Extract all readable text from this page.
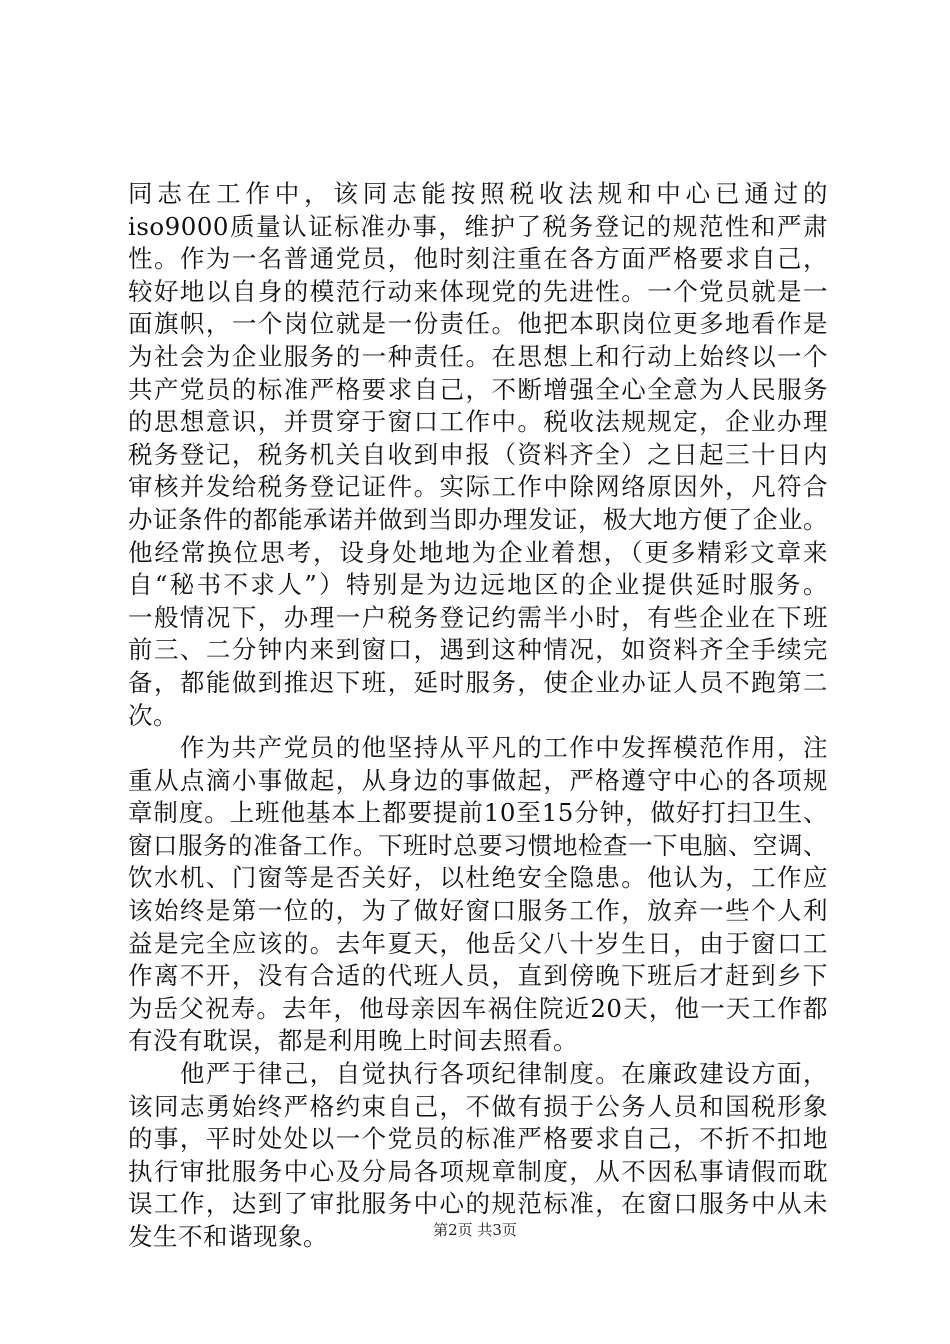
同志在工作中，该同志能按照税收法规和中心已通过的
iso9000质量认证标准办事，维护了税务登记的规范性和严肃
性。作为一名普通党员，他时刻注重在各方面严格要求自己，
较好地以自身的模范行动来体现党的先进性。一个党员就是一
面旗帜，一个岗位就是一份责任。他把本职岗位更多地看作是
为社会为企业服务的一种责任。在思想上和行动上始终以一个
共产党员的标准严格要求自己，不断增强全心全意为人民服务
的思想意识，并贯穿于窗口工作中。税收法规规定，企业办理
税务登记，税务机关自收到申报（资料齐全）之日起三十日内
审核并发给税务登记证件。实际工作中除网络原因外，凡符合
办证条件的都能承诺并做到当即办理发证，极大地方便了企业。
他经常换位思考，设身处地地为企业着想，（更多精彩文章来
自“秘书不求人”）特别是为边远地区的企业提供延时服务。
一般情况下，办理一户税务登记约需半小时，有些企业在下班
前三、二分钟内来到窗口，遇到这种情况，如资料齐全手续完
备，都能做到推迟下班，延时服务，使企业办证人员不跑第二
次。
　　作为共产党员的他坚持从平凡的工作中发挥模范作用，注
重从点滴小事做起，从身边的事做起，严格遵守中心的各项规
章制度。上班他基本上都要提前10至15分钟，做好打扫卫生、
窗口服务的准备工作。下班时总要习惯地检查一下电脑、空调、
饮水机、门窗等是否关好，以杜绝安全隐患。他认为，工作应
该始终是第一位的，为了做好窗口服务工作，放弃一些个人利
益是完全应该的。去年夏天，他岳父八十岁生日，由于窗口工
作离不开，没有合适的代班人员，直到傍晚下班后才赶到乡下
为岳父祝寿。去年，他母亲因车祸住院近20天，他一天工作都
有没有耽误，都是利用晚上时间去照看。
　　他严于律己，自觉执行各项纪律制度。在廉政建设方面，
该同志勇始终严格约束自己，不做有损于公务人员和国税形象
的事，平时处处以一个党员的标准严格要求自己，不折不扣地
执行审批服务中心及分局各项规章制度，从不因私事请假而耽
误工作，达到了审批服务中心的规范标准，在窗口服务中从未
发生不和谐现象。	第2页 共3页
